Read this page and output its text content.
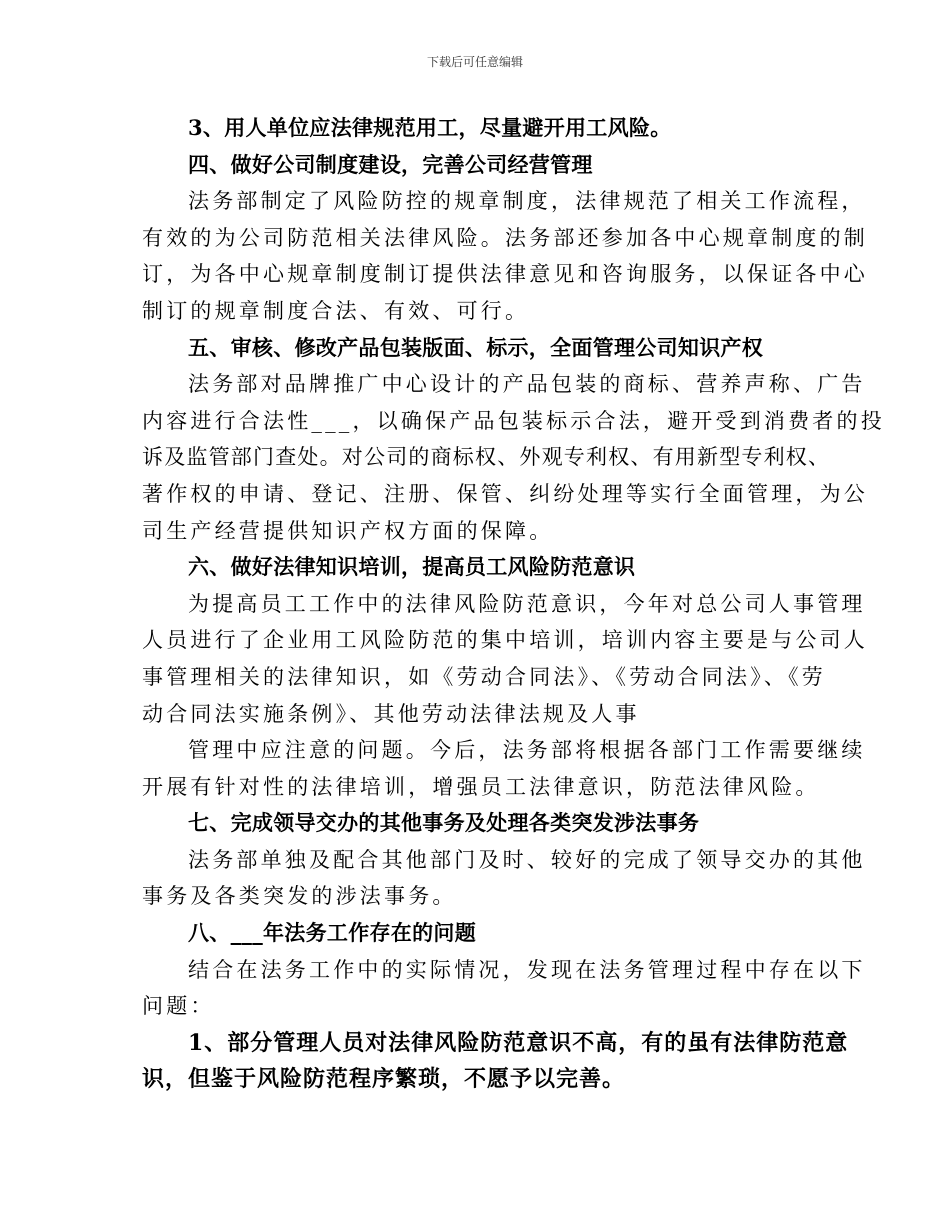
下载后可任意编辑
3、用人单位应法律规范用工，尽量避开用工风险。
四、做好公司制度建设，完善公司经营管理
法务部制定了风险防控的规章制度，法律规范了相关工作流程，
有效的为公司防范相关法律风险。法务部还参加各中心规章制度的制
订，为各中心规章制度制订提供法律意见和咨询服务，以保证各中心
制订的规章制度合法、有效、可行。
五、审核、修改产品包装版面、标示，全面管理公司知识产权
法务部对品牌推广中心设计的产品包装的商标、营养声称、广告
内容进行合法性___，以确保产品包装标示合法，避开受到消费者的投
诉及监管部门查处。对公司的商标权、外观专利权、有用新型专利权、
著作权的申请、登记、注册、保管、纠纷处理等实行全面管理，为公
司生产经营提供知识产权方面的保障。
六、做好法律知识培训，提高员工风险防范意识
为提高员工工作中的法律风险防范意识，今年对总公司人事管理
人员进行了企业用工风险防范的集中培训，培训内容主要是与公司人
事管理相关的法律知识，如《劳动合同法》、《劳动合同法》、《劳
动合同法实施条例》、其他劳动法律法规及人事
管理中应注意的问题。今后，法务部将根据各部门工作需要继续
开展有针对性的法律培训，增强员工法律意识，防范法律风险。
七、完成领导交办的其他事务及处理各类突发涉法事务
法务部单独及配合其他部门及时、较好的完成了领导交办的其他
事务及各类突发的涉法事务。
八、___年法务工作存在的问题
结合在法务工作中的实际情况，发现在法务管理过程中存在以下
问题：
1、部分管理人员对法律风险防范意识不高，有的虽有法律防范意
识，但鉴于风险防范程序繁琐，不愿予以完善。
